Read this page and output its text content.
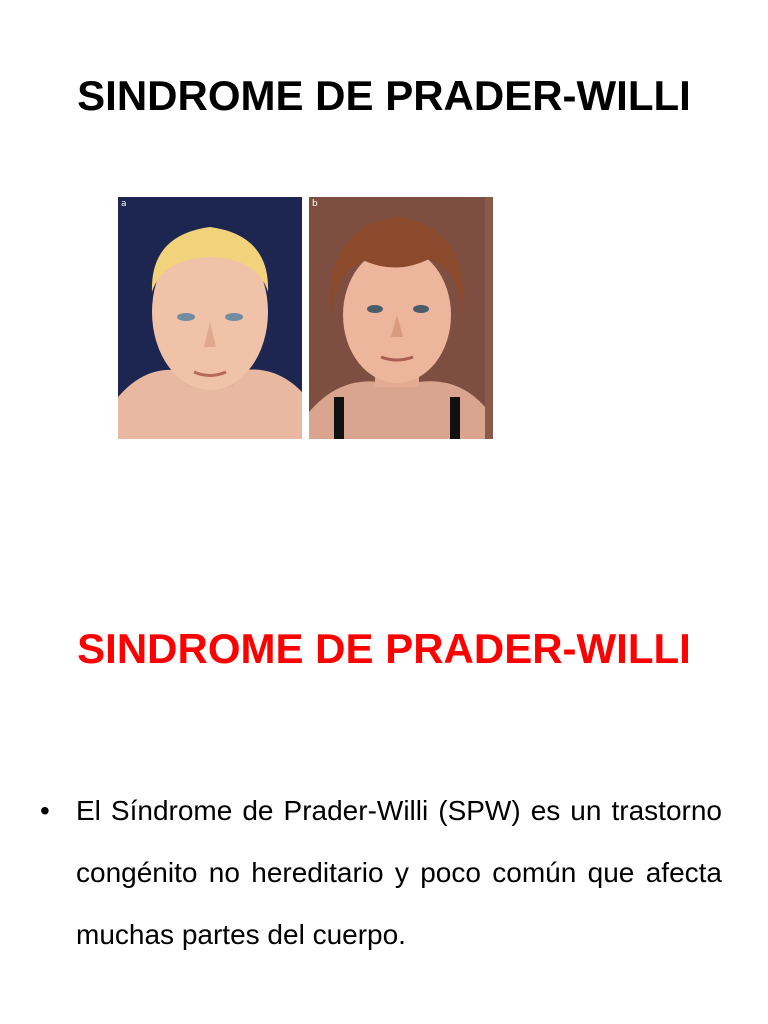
SINDROME DE PRADER-WILLI
a	b
SINDROME DE PRADER-WILLI
• El Síndrome de Prader-Willi (SPW) es un trastorno congénito no hereditario y poco común que afecta muchas partes del cuerpo.
